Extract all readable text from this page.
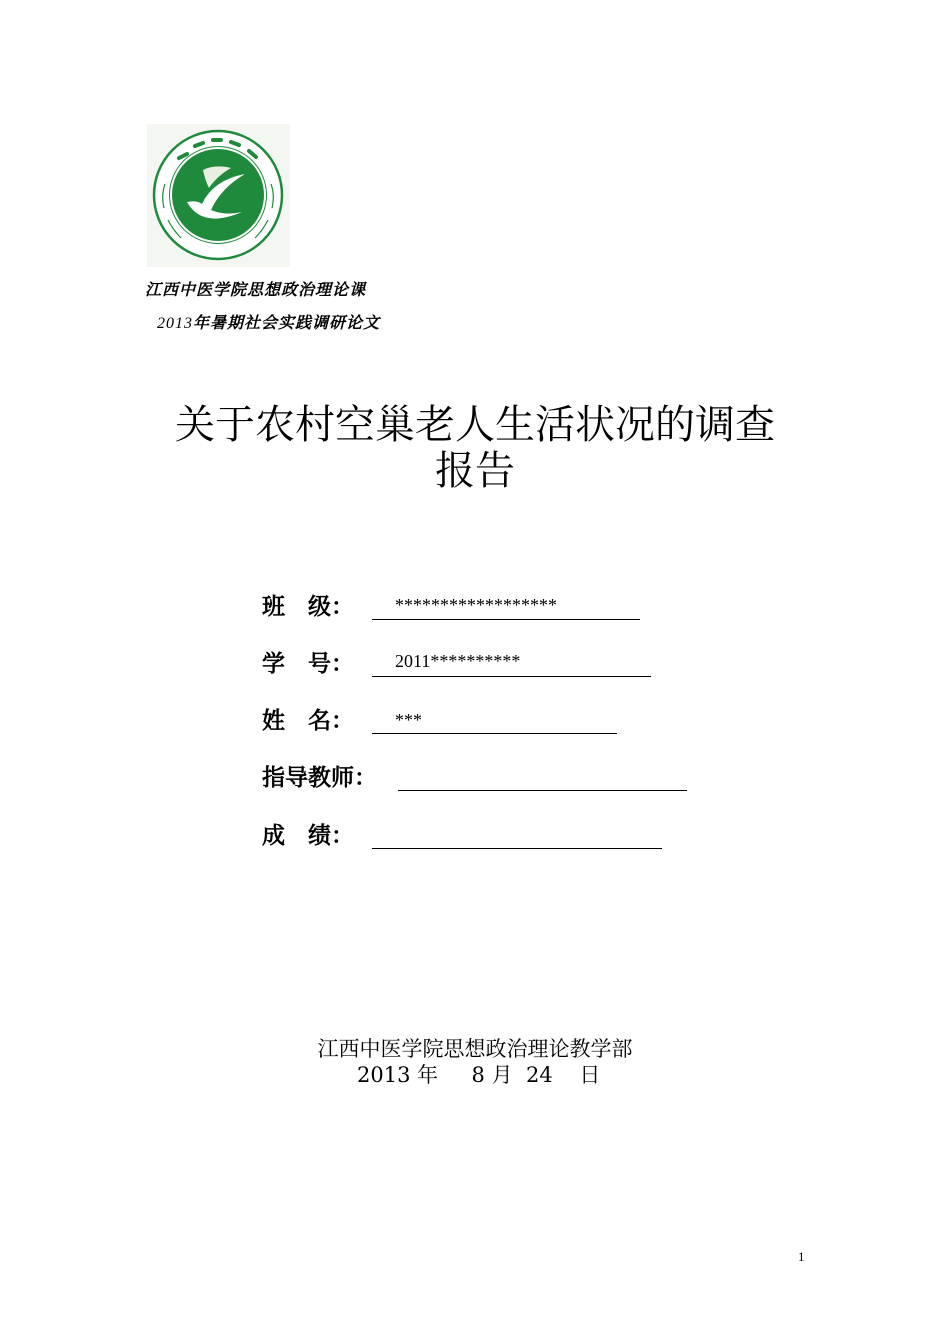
江西中医学院思想政治理论课
2013年暑期社会实践调研论文
关于农村空巢老人生活状况的调查
报告
班　级： ******************
学　号： 2011**********
姓　名： ***
指导教师：
成　绩：
江西中医学院思想政治理论教学部
2013 年 8 月 24 日
1
